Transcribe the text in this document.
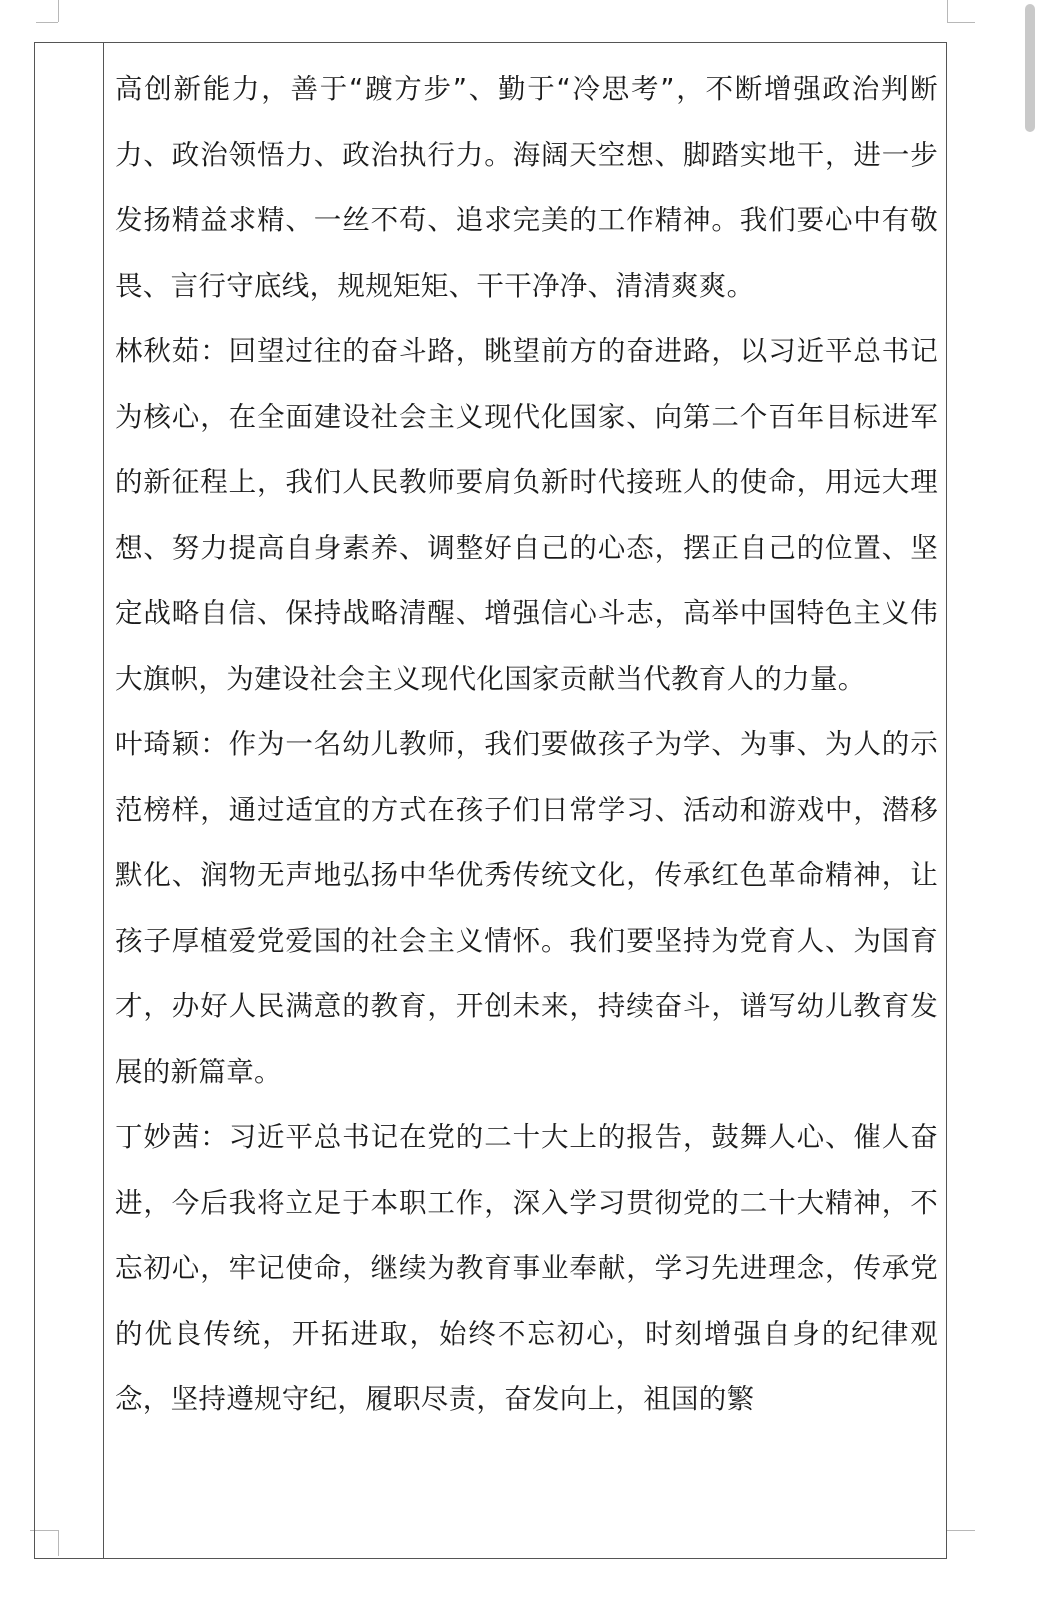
高创新能力，善于“踱方步”、勤于“冷思考”，不断增强政治判断力、政治领悟力、政治执行力。海阔天空想、脚踏实地干，进一步发扬精益求精、一丝不苟、追求完美的工作精神。我们要心中有敬畏、言行守底线，规规矩矩、干干净净、清清爽爽。

林秋茹：回望过往的奋斗路，眺望前方的奋进路，以习近平总书记为核心，在全面建设社会主义现代化国家、向第二个百年目标进军的新征程上，我们人民教师要肩负新时代接班人的使命，用远大理想、努力提高自身素养、调整好自己的心态，摆正自己的位置、坚定战略自信、保持战略清醒、增强信心斗志，高举中国特色主义伟大旗帜，为建设社会主义现代化国家贡献当代教育人的力量。

叶琦颖：作为一名幼儿教师，我们要做孩子为学、为事、为人的示范榜样，通过适宜的方式在孩子们日常学习、活动和游戏中，潜移默化、润物无声地弘扬中华优秀传统文化，传承红色革命精神，让孩子厚植爱党爱国的社会主义情怀。我们要坚持为党育人、为国育才，办好人民满意的教育，开创未来，持续奋斗，谱写幼儿教育发展的新篇章。

丁妙茜：习近平总书记在党的二十大上的报告，鼓舞人心、催人奋进，今后我将立足于本职工作，深入学习贯彻党的二十大精神，不忘初心，牢记使命，继续为教育事业奉献，学习先进理念，传承党的优良传统，开拓进取，始终不忘初心，时刻增强自身的纪律观念，坚持遵规守纪，履职尽责，奋发向上，祖国的繁
